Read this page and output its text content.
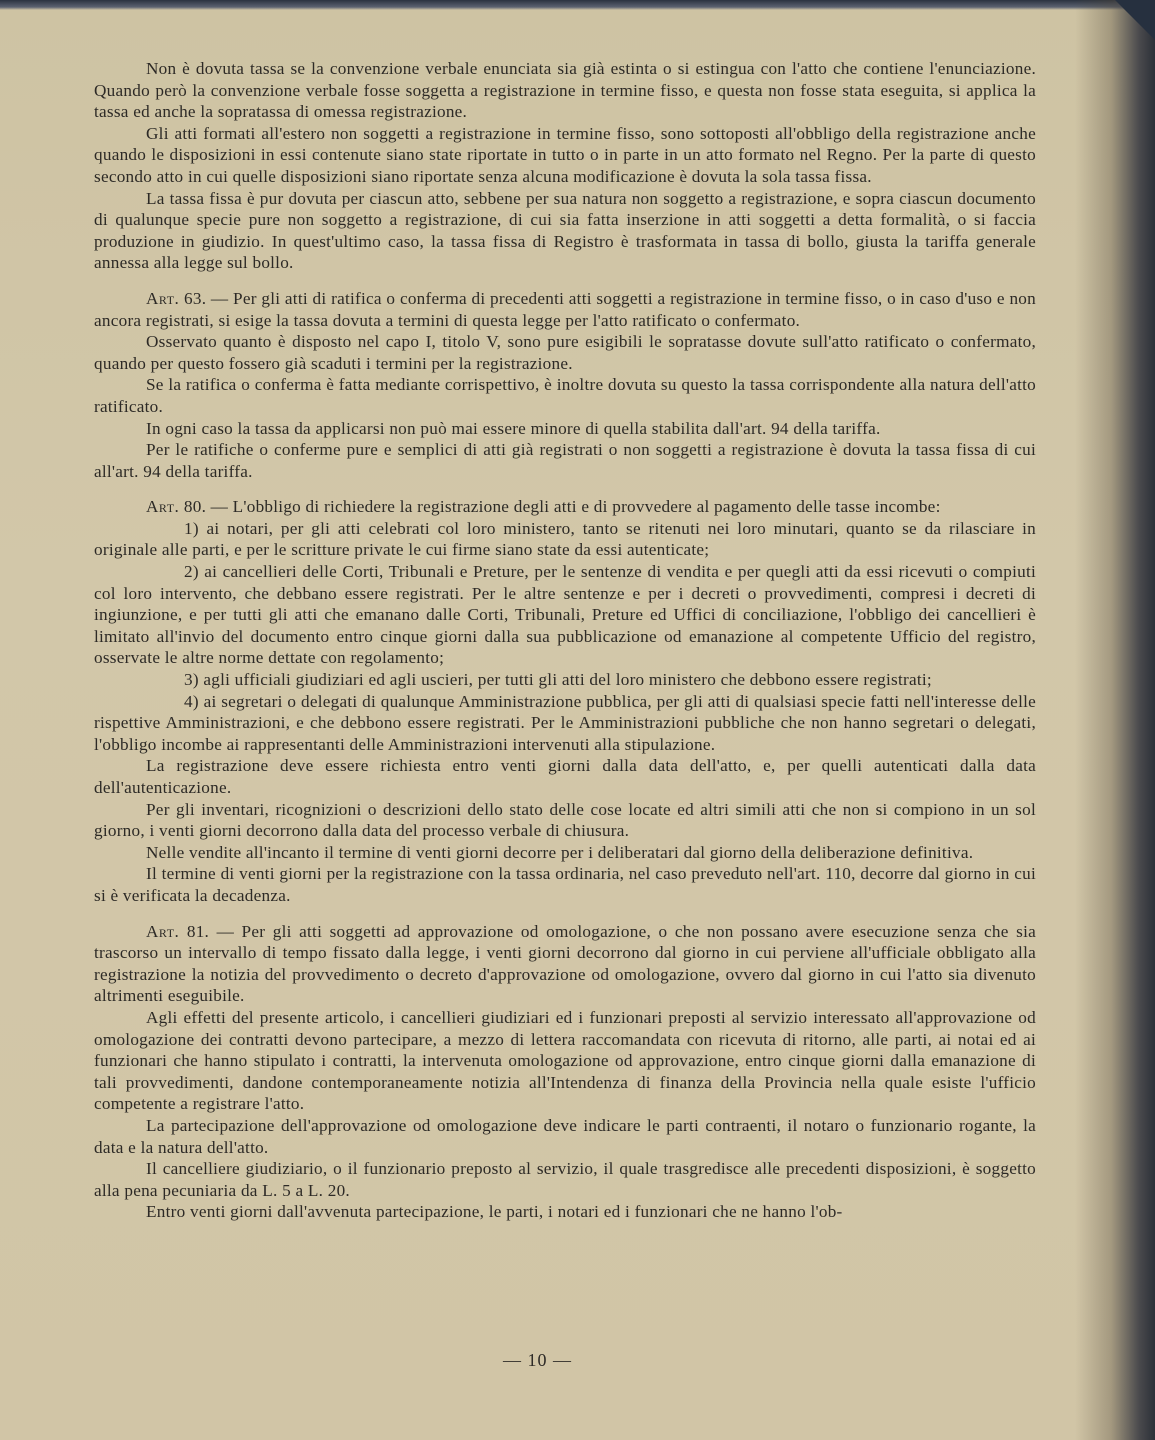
Non è dovuta tassa se la convenzione verbale enunciata sia già estinta o si estingua con l'atto che contiene l'enunciazione. Quando però la convenzione verbale fosse soggetta a registrazione in termine fisso, e questa non fosse stata eseguita, si applica la tassa ed anche la sopratassa di omessa registrazione.

Gli atti formati all'estero non soggetti a registrazione in termine fisso, sono sottoposti all'obbligo della registrazione anche quando le disposizioni in essi contenute siano state riportate in tutto o in parte in un atto formato nel Regno. Per la parte di questo secondo atto in cui quelle disposizioni siano riportate senza alcuna modificazione è dovuta la sola tassa fissa.

La tassa fissa è pur dovuta per ciascun atto, sebbene per sua natura non soggetto a registrazione, e sopra ciascun documento di qualunque specie pure non soggetto a registrazione, di cui sia fatta inserzione in atti soggetti a detta formalità, o si faccia produzione in giudizio. In quest'ultimo caso, la tassa fissa di Registro è trasformata in tassa di bollo, giusta la tariffa generale annessa alla legge sul bollo.

Art. 63. — Per gli atti di ratifica o conferma di precedenti atti soggetti a registrazione in termine fisso, o in caso d'uso e non ancora registrati, si esige la tassa dovuta a termini di questa legge per l'atto ratificato o confermato.

Osservato quanto è disposto nel capo I, titolo V, sono pure esigibili le sopratasse dovute sull'atto ratificato o confermato, quando per questo fossero già scaduti i termini per la registrazione.

Se la ratifica o conferma è fatta mediante corrispettivo, è inoltre dovuta su questo la tassa corrispondente alla natura dell'atto ratificato.

In ogni caso la tassa da applicarsi non può mai essere minore di quella stabilita dall'art. 94 della tariffa.

Per le ratifiche o conferme pure e semplici di atti già registrati o non soggetti a registrazione è dovuta la tassa fissa di cui all'art. 94 della tariffa.

Art. 80. — L'obbligo di richiedere la registrazione degli atti e di provvedere al pagamento delle tasse incombe:

1) ai notari, per gli atti celebrati col loro ministero, tanto se ritenuti nei loro minutari, quanto se da rilasciare in originale alle parti, e per le scritture private le cui firme siano state da essi autenticate;

2) ai cancellieri delle Corti, Tribunali e Preture, per le sentenze di vendita e per quegli atti da essi ricevuti o compiuti col loro intervento, che debbano essere registrati. Per le altre sentenze e per i decreti o provvedimenti, compresi i decreti di ingiunzione, e per tutti gli atti che emanano dalle Corti, Tribunali, Preture ed Uffici di conciliazione, l'obbligo dei cancellieri è limitato all'invio del documento entro cinque giorni dalla sua pubblicazione od emanazione al competente Ufficio del registro, osservate le altre norme dettate con regolamento;

3) agli ufficiali giudiziari ed agli uscieri, per tutti gli atti del loro ministero che debbono essere registrati;

4) ai segretari o delegati di qualunque Amministrazione pubblica, per gli atti di qualsiasi specie fatti nell'interesse delle rispettive Amministrazioni, e che debbono essere registrati. Per le Amministrazioni pubbliche che non hanno segretari o delegati, l'obbligo incombe ai rappresentanti delle Amministrazioni intervenuti alla stipulazione.

La registrazione deve essere richiesta entro venti giorni dalla data dell'atto, e, per quelli autenticati dalla data dell'autenticazione.

Per gli inventari, ricognizioni o descrizioni dello stato delle cose locate ed altri simili atti che non si compiono in un sol giorno, i venti giorni decorrono dalla data del processo verbale di chiusura.

Nelle vendite all'incanto il termine di venti giorni decorre per i deliberatari dal giorno della deliberazione definitiva.

Il termine di venti giorni per la registrazione con la tassa ordinaria, nel caso preveduto nell'art. 110, decorre dal giorno in cui si è verificata la decadenza.

Art. 81. — Per gli atti soggetti ad approvazione od omologazione, o che non possano avere esecuzione senza che sia trascorso un intervallo di tempo fissato dalla legge, i venti giorni decorrono dal giorno in cui perviene all'ufficiale obbligato alla registrazione la notizia del provvedimento o decreto d'approvazione od omologazione, ovvero dal giorno in cui l'atto sia divenuto altrimenti eseguibile.

Agli effetti del presente articolo, i cancellieri giudiziari ed i funzionari preposti al servizio interessato all'approvazione od omologazione dei contratti devono partecipare, a mezzo di lettera raccomandata con ricevuta di ritorno, alle parti, ai notai ed ai funzionari che hanno stipulato i contratti, la intervenuta omologazione od approvazione, entro cinque giorni dalla emanazione di tali provvedimenti, dandone contemporaneamente notizia all'Intendenza di finanza della Provincia nella quale esiste l'ufficio competente a registrare l'atto.

La partecipazione dell'approvazione od omologazione deve indicare le parti contraenti, il notaro o funzionario rogante, la data e la natura dell'atto.

Il cancelliere giudiziario, o il funzionario preposto al servizio, il quale trasgredisce alle precedenti disposizioni, è soggetto alla pena pecuniaria da L. 5 a L. 20.

Entro venti giorni dall'avvenuta partecipazione, le parti, i notari ed i funzionari che ne hanno l'ob-

— 10 —
